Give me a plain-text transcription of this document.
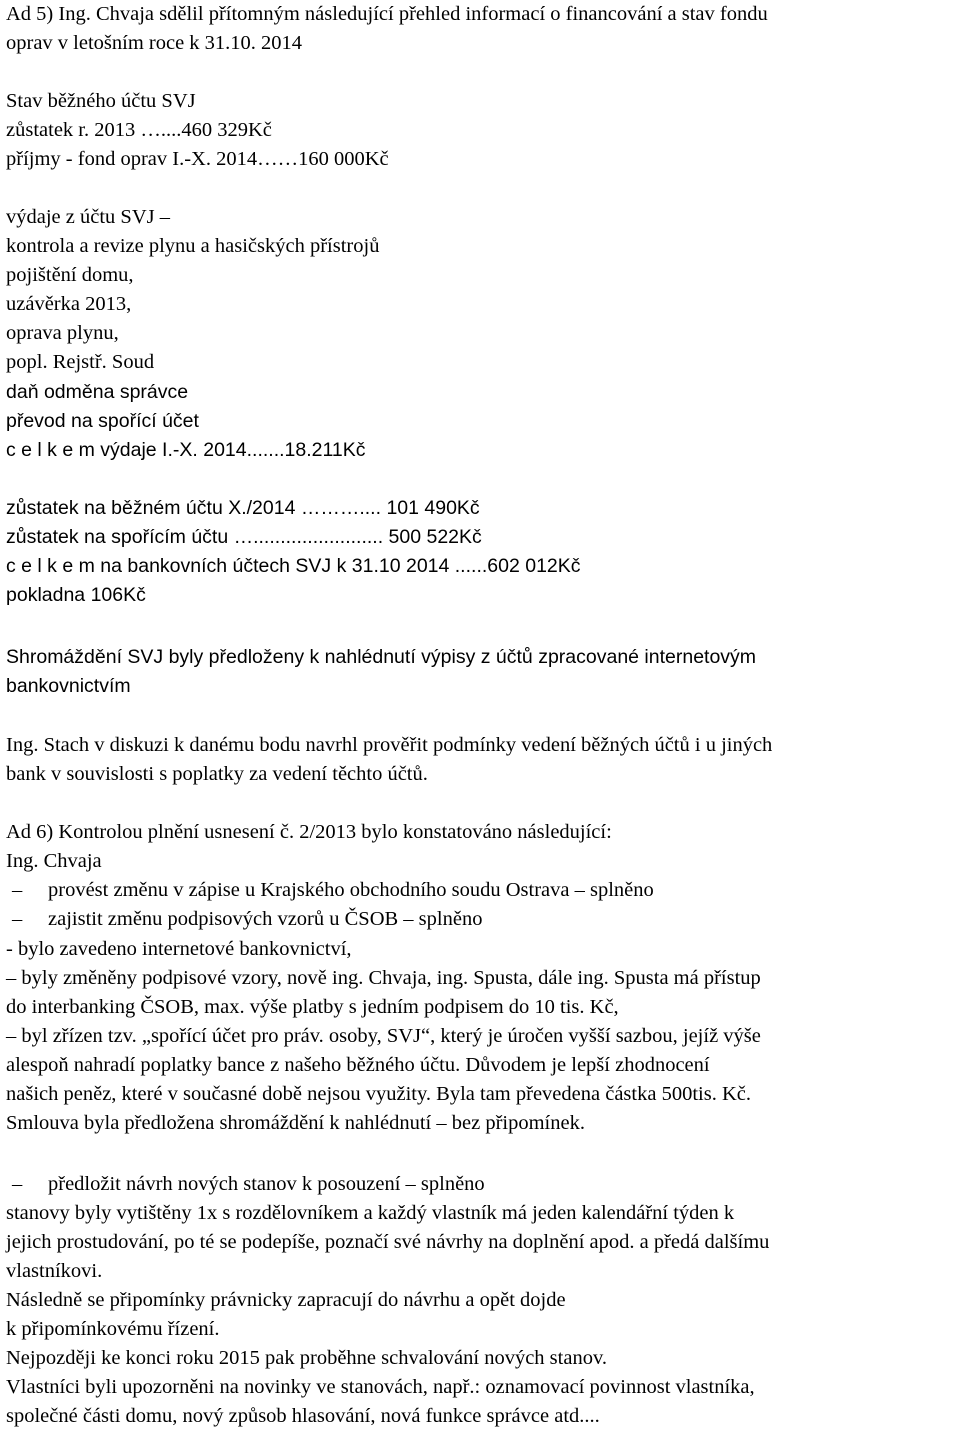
Ad 5) Ing. Chvaja sdělil přítomným následující přehled informací o financování a stav fondu
oprav v letošním roce k 31.10. 2014
Stav běžného účtu SVJ
zůstatek r. 2013 …....460 329Kč
příjmy - fond oprav I.-X. 2014……160 000Kč
výdaje z účtu SVJ –
kontrola a revize plynu a hasičských přístrojů
pojištění domu,
uzávěrka 2013,
oprava plynu,
popl. Rejstř. Soud
daň odměna správce
převod na spořící účet
c e l k e m výdaje I.-X. 2014.......18.211Kč
zůstatek na běžném účtu X./2014 ……….... 101 490Kč
zůstatek na spořícím účtu …........................ 500 522Kč
c e l k e m na bankovních účtech SVJ k 31.10 2014 ......602 012Kč
pokladna 106Kč
Shromáždění SVJ byly předloženy k nahlédnutí výpisy z účtů zpracované internetovým
bankovnictvím
Ing. Stach v diskuzi k danému bodu navrhl prověřit podmínky vedení běžných účtů i u jiných
bank v souvislosti s poplatky za vedení těchto účtů.
Ad 6) Kontrolou plnění usnesení č. 2/2013 bylo konstatováno následující:
Ing. Chvaja
– provést změnu v zápise u Krajského obchodního soudu Ostrava – splněno
– zajistit změnu podpisových vzorů u ČSOB – splněno
- bylo zavedeno internetové bankovnictví,
– byly změněny podpisové vzory, nově ing. Chvaja, ing. Spusta, dále ing. Spusta má přístup
do interbanking ČSOB, max. výše platby s jedním podpisem do 10 tis. Kč,
– byl zřízen tzv. „spořící účet pro práv. osoby, SVJ“, který je úročen vyšší sazbou, jejíž výše
alespoň nahradí poplatky bance z našeho běžného účtu. Důvodem je lepší zhodnocení
našich peněz, které v současné době nejsou využity. Byla tam převedena částka 500tis. Kč.
Smlouva byla předložena shromáždění k nahlédnutí – bez připomínek.
– předložit návrh nových stanov k posouzení – splněno
stanovy byly vytištěny 1x s rozdělovníkem a každý vlastník má jeden kalendářní týden k
jejich prostudování, po té se podepíše, poznačí své návrhy na doplnění apod. a předá dalšímu
vlastníkovi.
Následně se připomínky právnicky zapracují do návrhu a opět dojde
k připomínkovému řízení.
Nejpozději ke konci roku 2015 pak proběhne schvalování nových stanov.
Vlastníci byli upozorněni na novinky ve stanovách, např.: oznamovací povinnost vlastníka,
společné části domu, nový způsob hlasování, nová funkce správce atd....
